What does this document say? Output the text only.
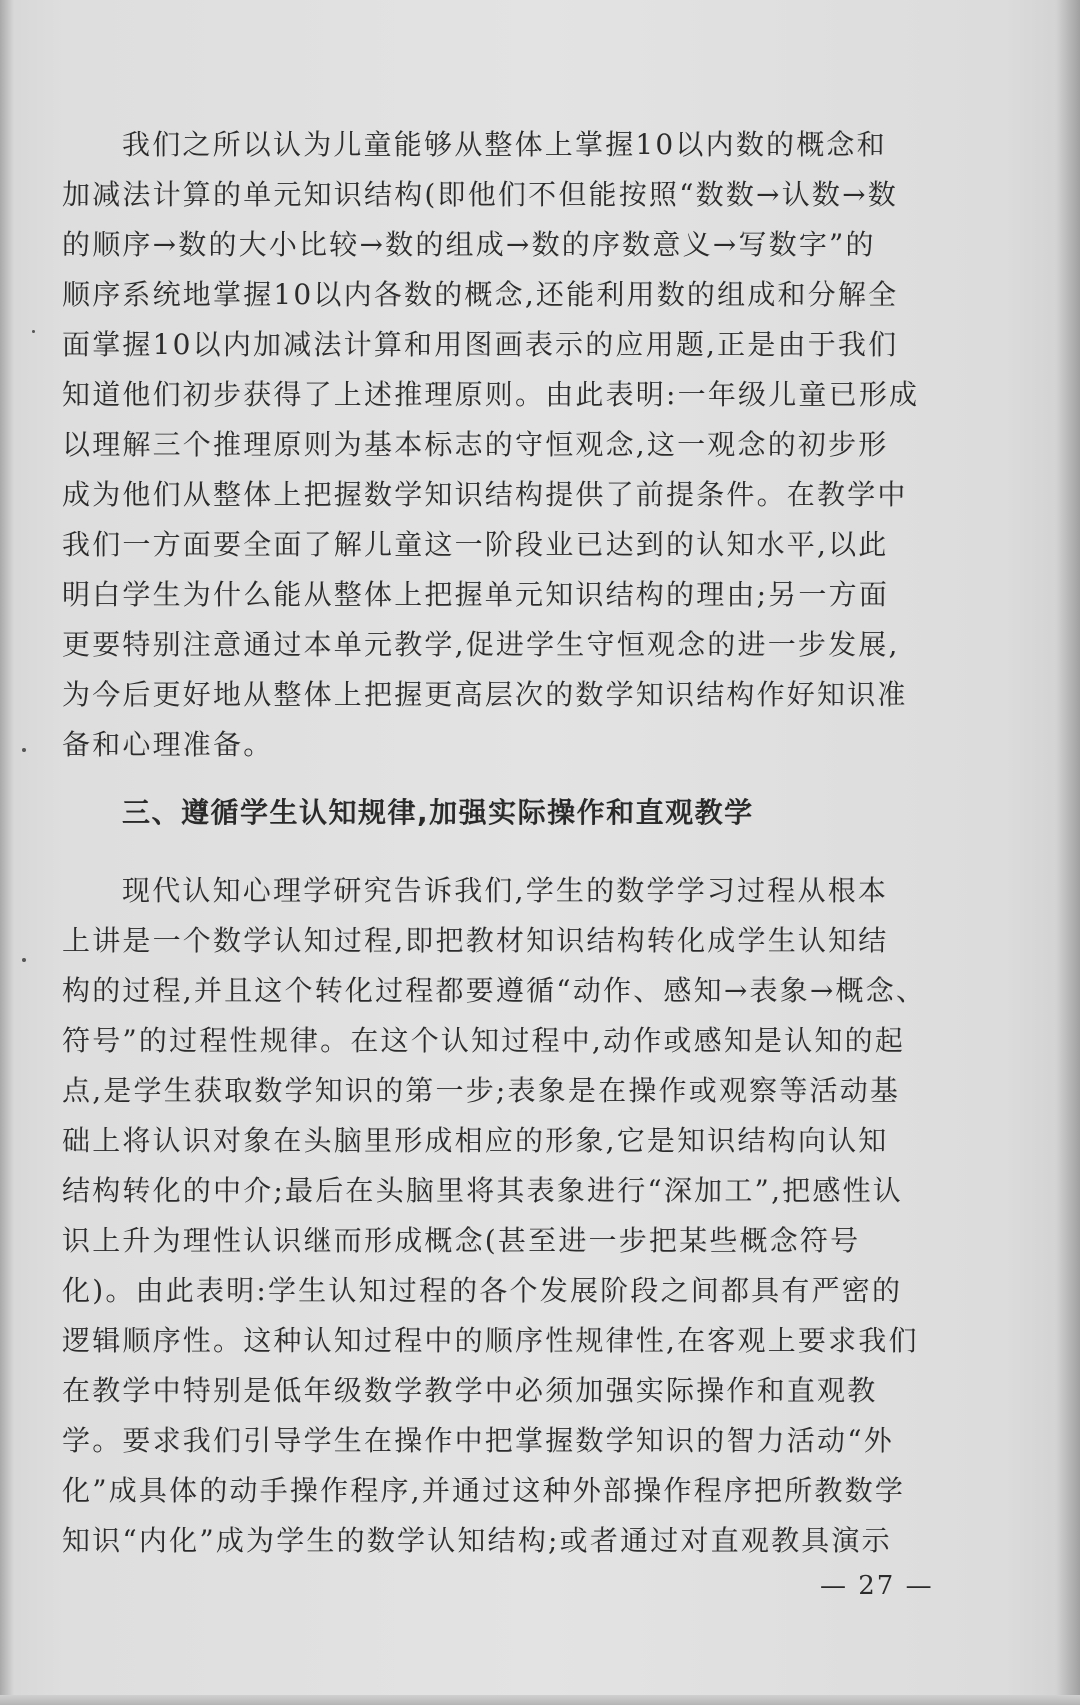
我们之所以认为儿童能够从整体上掌握10以内数的概念和
加减法计算的单元知识结构(即他们不但能按照“数数→认数→数
的顺序→数的大小比较→数的组成→数的序数意义→写数字”的
顺序系统地掌握10以内各数的概念,还能利用数的组成和分解全
面掌握10以内加减法计算和用图画表示的应用题,正是由于我们
知道他们初步获得了上述推理原则。由此表明:一年级儿童已形成
以理解三个推理原则为基本标志的守恒观念,这一观念的初步形
成为他们从整体上把握数学知识结构提供了前提条件。在教学中
我们一方面要全面了解儿童这一阶段业已达到的认知水平,以此
明白学生为什么能从整体上把握单元知识结构的理由;另一方面
更要特别注意通过本单元教学,促进学生守恒观念的进一步发展,
为今后更好地从整体上把握更高层次的数学知识结构作好知识准
备和心理准备。
三、遵循学生认知规律,加强实际操作和直观教学
现代认知心理学研究告诉我们,学生的数学学习过程从根本
上讲是一个数学认知过程,即把教材知识结构转化成学生认知结
构的过程,并且这个转化过程都要遵循“动作、感知→表象→概念、
符号”的过程性规律。在这个认知过程中,动作或感知是认知的起
点,是学生获取数学知识的第一步;表象是在操作或观察等活动基
础上将认识对象在头脑里形成相应的形象,它是知识结构向认知
结构转化的中介;最后在头脑里将其表象进行“深加工”,把感性认
识上升为理性认识继而形成概念(甚至进一步把某些概念符号
化)。由此表明:学生认知过程的各个发展阶段之间都具有严密的
逻辑顺序性。这种认知过程中的顺序性规律性,在客观上要求我们
在教学中特别是低年级数学教学中必须加强实际操作和直观教
学。要求我们引导学生在操作中把掌握数学知识的智力活动“外
化”成具体的动手操作程序,并通过这种外部操作程序把所教数学
知识“内化”成为学生的数学认知结构;或者通过对直观教具演示
— 27 —
